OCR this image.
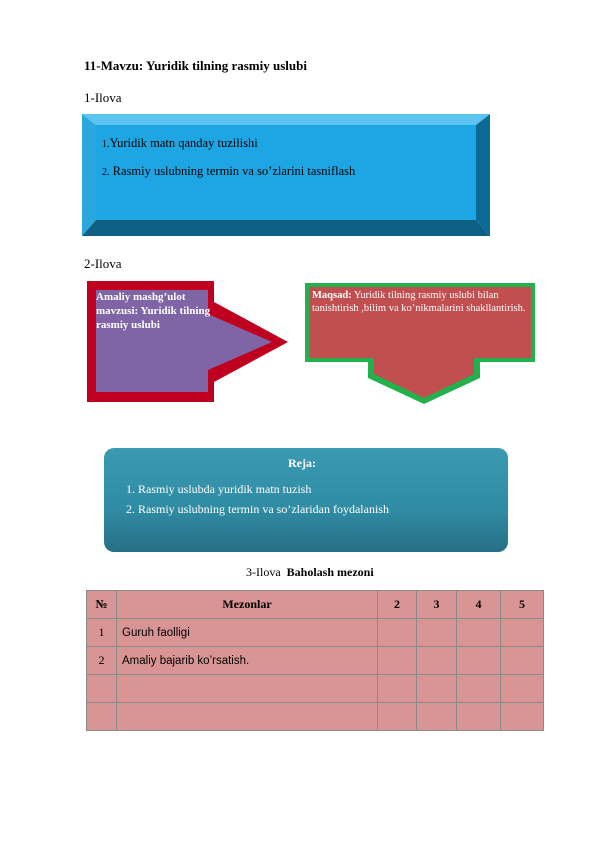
11-Mavzu: Yuridik tilning rasmiy uslubi
1-Ilova
1.Yuridik matn qanday tuzilishi
2. Rasmiy uslubning termin va so’zlarini tasniflash
2-Ilova
Amaliy mashg’ulot mavzusi: Yuridik tilning rasmiy uslubi
Maqsad: Yuridik tilning rasmiy uslubi bilan tanishtirish ,bilim va ko’nikmalarini shakllantirish.
Reja:
1. Rasmiy uslubda yuridik matn tuzish
2. Rasmiy uslubning termin va so’zlaridan foydalanish
3-Ilova Baholash mezoni
№	Mezonlar	2	3	4	5
1	Guruh faolligi				
2	Amaliy bajarib ko’rsatish.				
